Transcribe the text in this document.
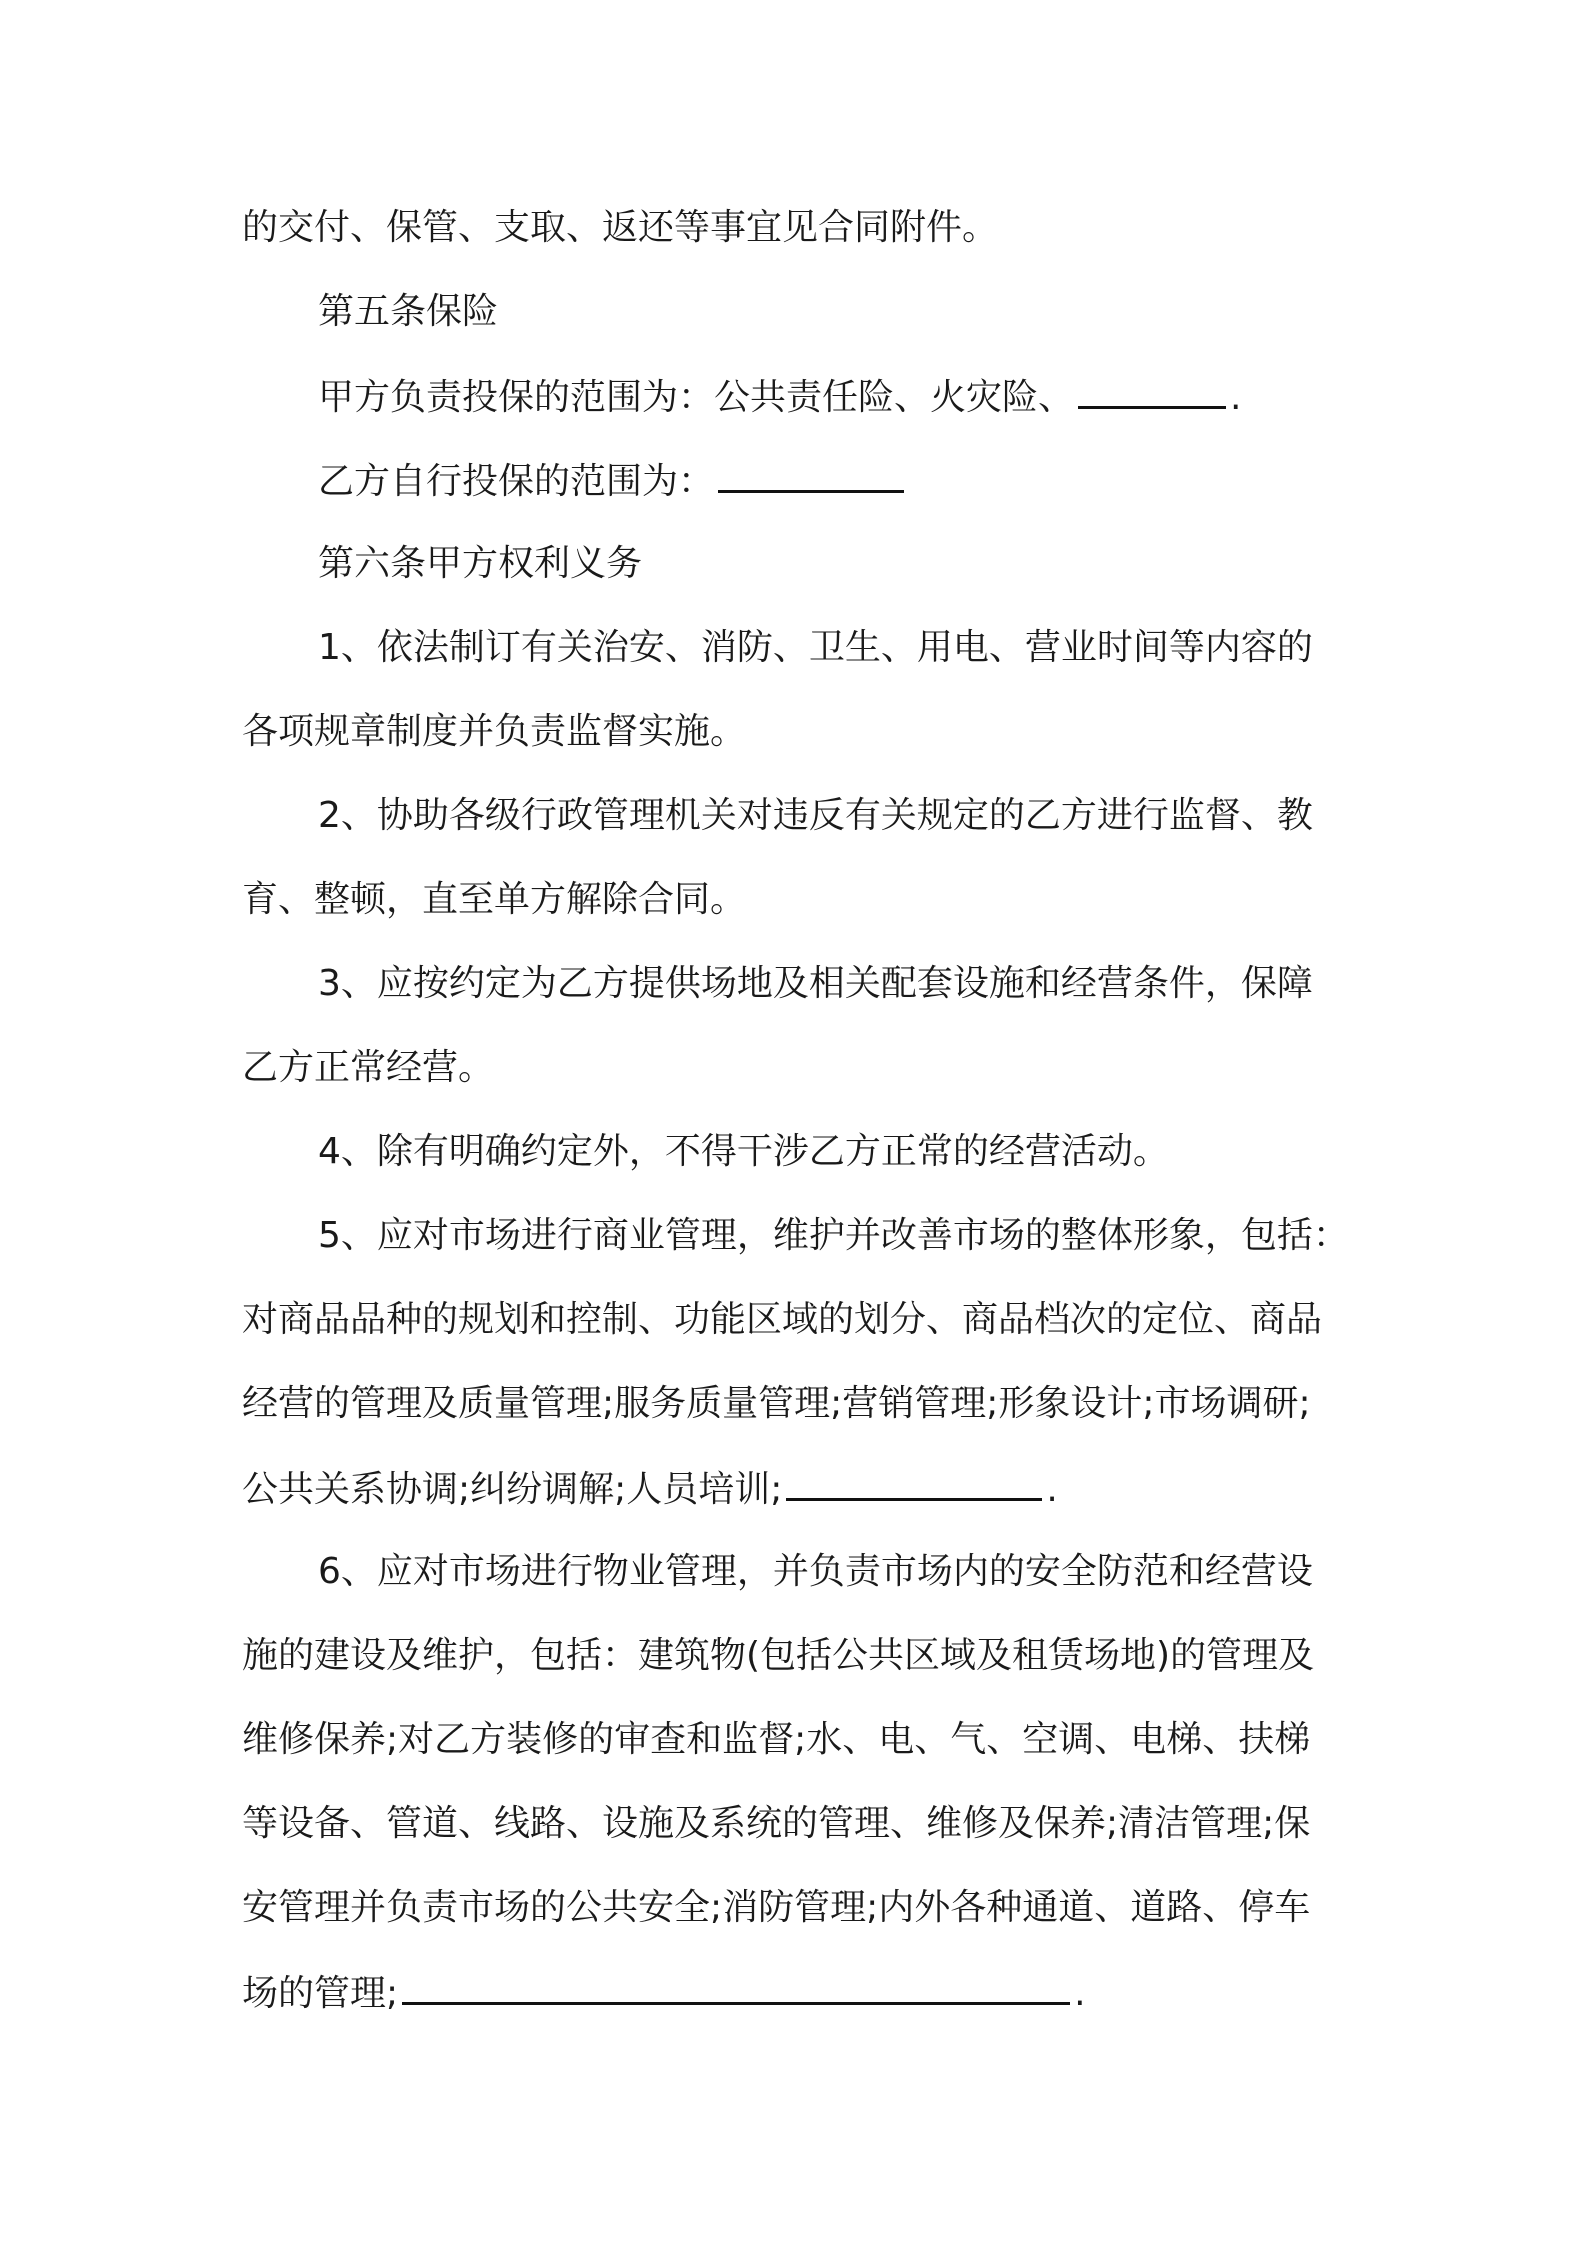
的交付、保管、支取、返还等事宜见合同附件。
第五条保险
甲方负责投保的范围为：公共责任险、火灾险、	.
乙方自行投保的范围为：
第六条甲方权利义务
1、依法制订有关治安、消防、卫生、用电、营业时间等内容的
各项规章制度并负责监督实施。
2、协助各级行政管理机关对违反有关规定的乙方进行监督、教
育、整顿，直至单方解除合同。
3、应按约定为乙方提供场地及相关配套设施和经营条件，保障
乙方正常经营。
4、除有明确约定外，不得干涉乙方正常的经营活动。
5、应对市场进行商业管理，维护并改善市场的整体形象，包括：
对商品品种的规划和控制、功能区域的划分、商品档次的定位、商品
经营的管理及质量管理;服务质量管理;营销管理;形象设计;市场调研;
公共关系协调;纠纷调解;人员培训;	.
6、应对市场进行物业管理，并负责市场内的安全防范和经营设
施的建设及维护，包括：建筑物(包括公共区域及租赁场地)的管理及
维修保养;对乙方装修的审查和监督;水、电、气、空调、电梯、扶梯
等设备、管道、线路、设施及系统的管理、维修及保养;清洁管理;保
安管理并负责市场的公共安全;消防管理;内外各种通道、道路、停车
场的管理;	.
